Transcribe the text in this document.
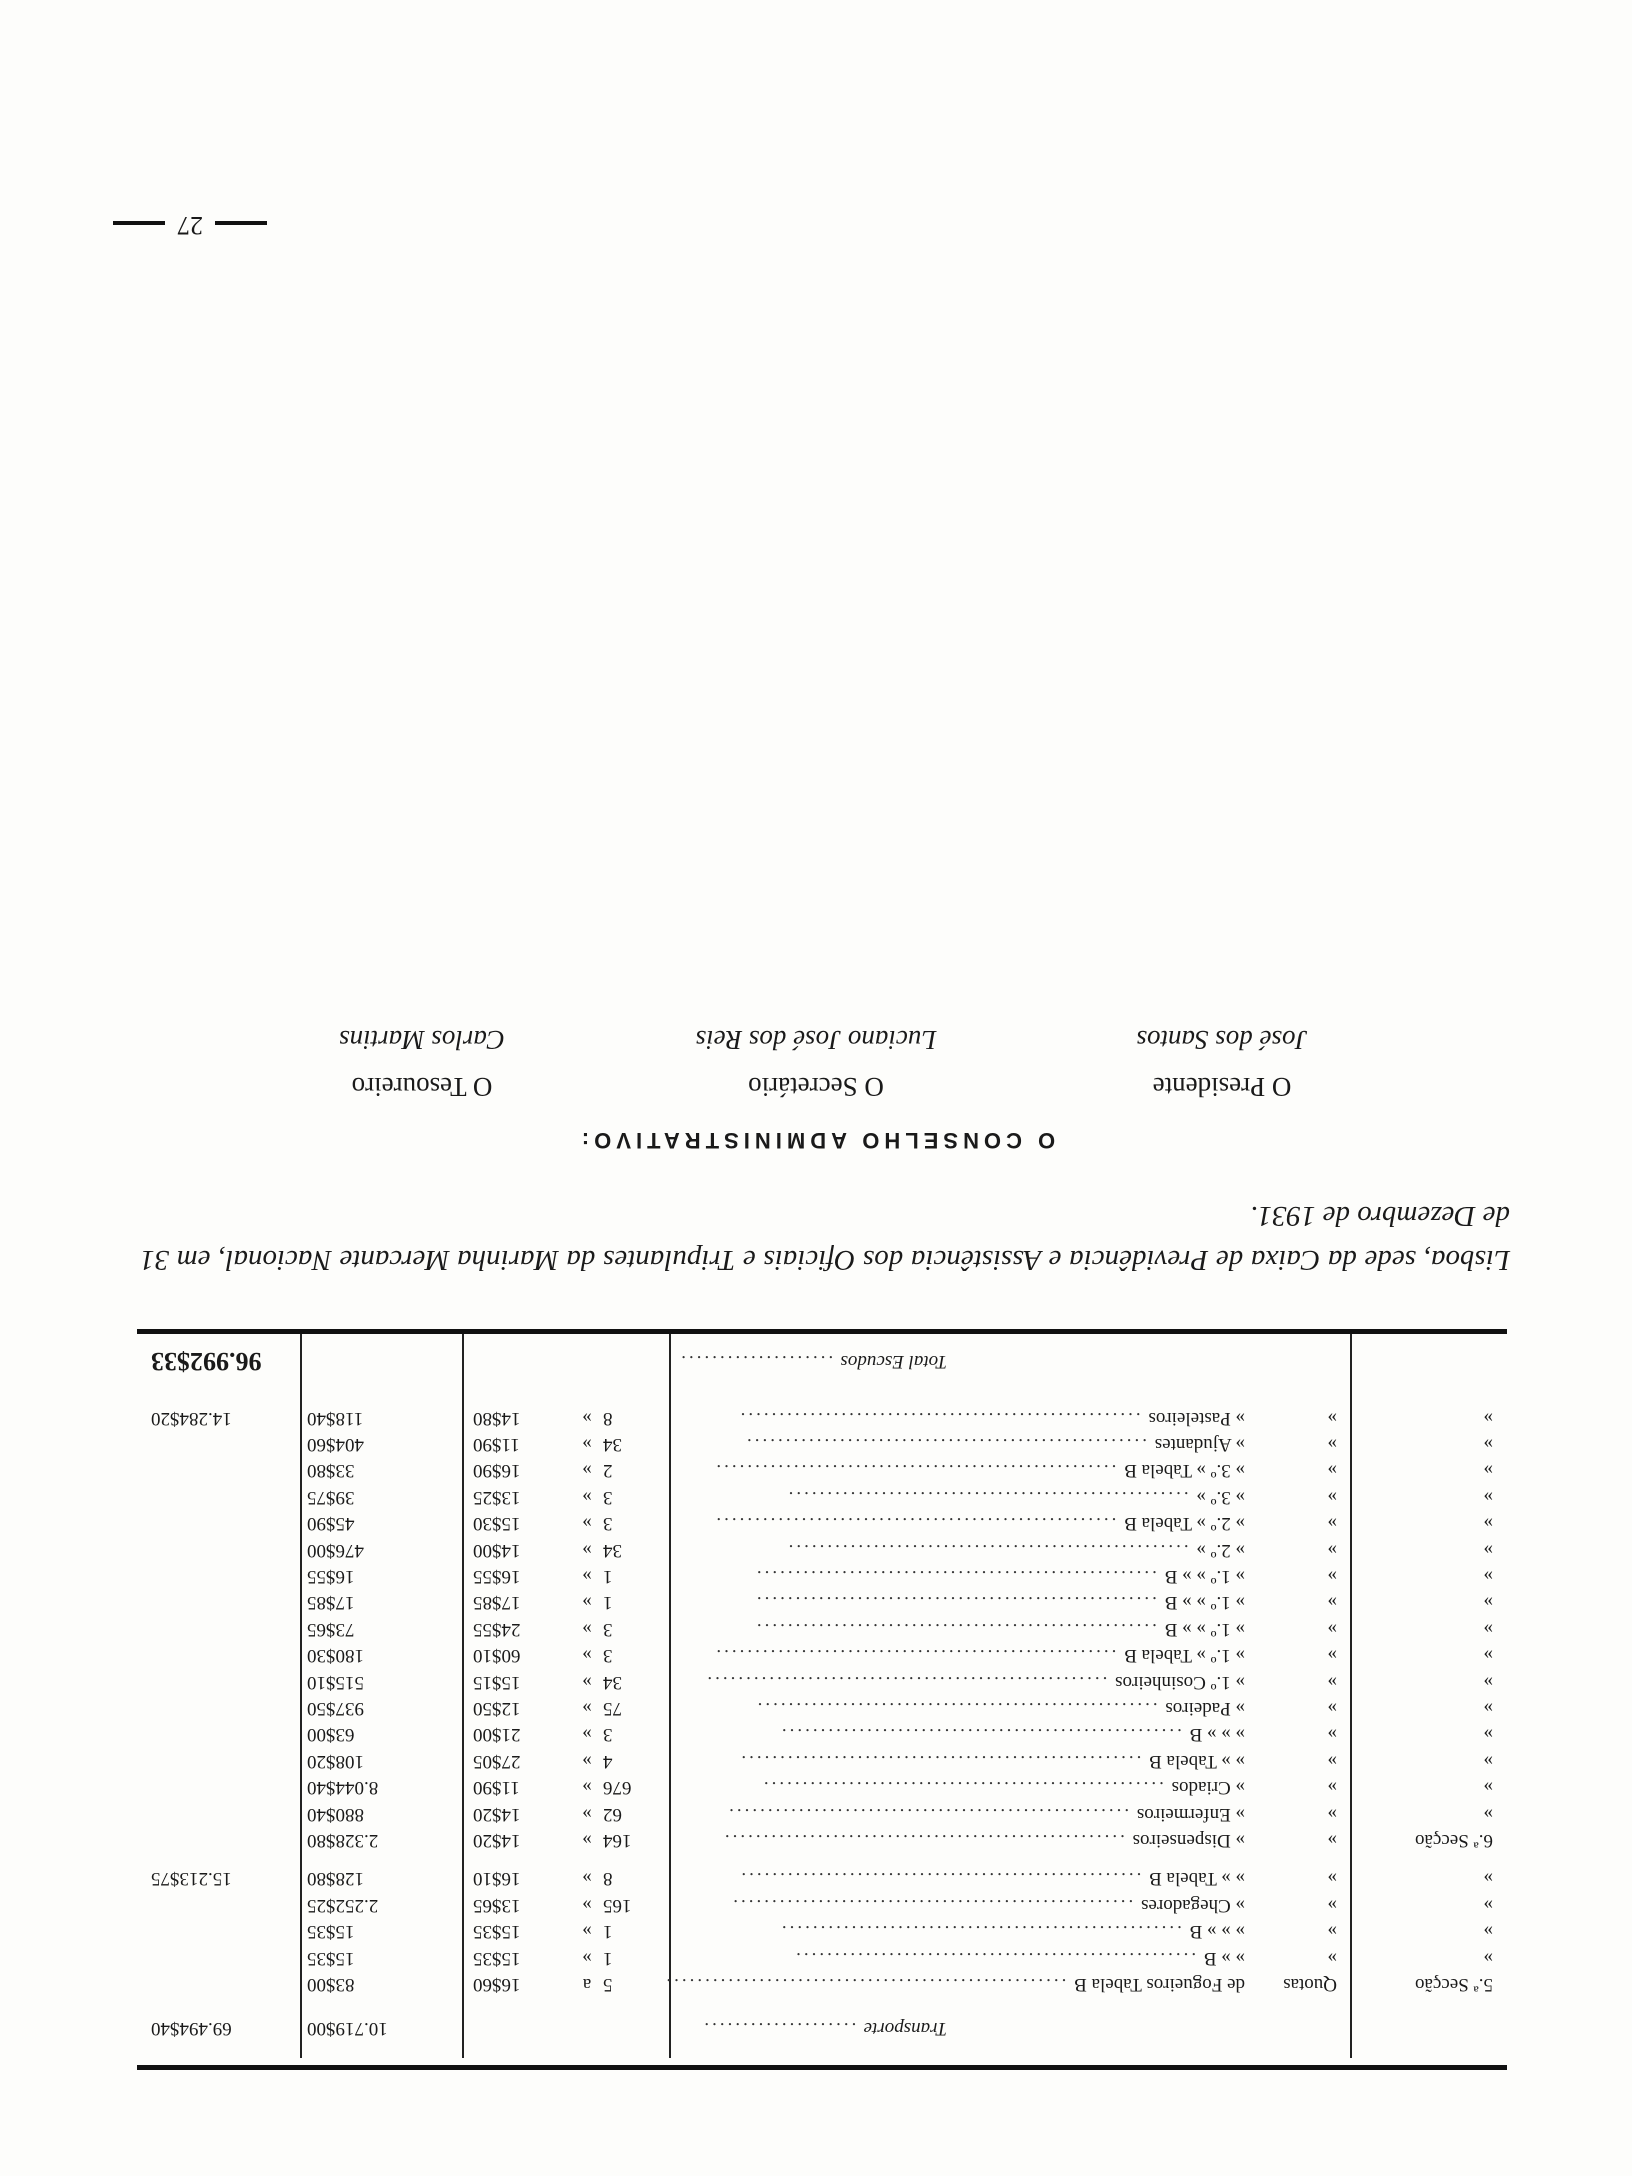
Transporte ....................
10.719$00
69.494$40
5.ª Secção
Quotas
de Fogueiros Tabela B ....................................................
5
a
16$60
83$00
»
»
» » B ....................................................
1
»
15$35
15$35
»
»
» » » B ....................................................
1
»
15$35
15$35
»
»
» Chegadores ....................................................
165
»
13$65
2.252$25
»
»
» » Tabela B ....................................................
8
»
16$10
128$80
15.213$75
6.ª Secção
»
» Dispenseiros ....................................................
164
»
14$20
2.328$80
»
»
» Enfermeiros ....................................................
62
»
14$20
880$40
»
»
» Criados ....................................................
676
»
11$90
8.044$40
»
»
» » Tabela B ....................................................
4
»
27$05
108$20
»
»
» » » B ....................................................
3
»
21$00
63$00
»
»
» Padeiros ....................................................
75
»
12$50
937$50
»
»
» 1.º Cosinheiros ....................................................
34
»
15$15
515$10
»
»
» 1.º » Tabela B ....................................................
3
»
60$10
180$30
»
»
» 1.º » » B ....................................................
3
»
24$55
73$65
»
»
» 1.º » » B ....................................................
1
»
17$85
17$85
»
»
» 1.º » » B ....................................................
1
»
16$55
16$55
»
»
» 2.º » ....................................................
34
»
14$00
476$00
»
»
» 2.º » Tabela B ....................................................
3
»
15$30
45$90
»
»
» 3.º » ....................................................
3
»
13$25
39$75
»
»
» 3.º » Tabela B ....................................................
2
»
16$90
33$80
»
»
» Ajudantes ....................................................
34
»
11$90
404$60
»
»
» Pasteleiros ....................................................
8
»
14$80
118$40
14.284$20
Total Escudos ....................
96.992$33
Lisboa, sede da Caixa de Previdência e Assistência dos Oficiais e Tripulantes da Marinha Mercante Nacional, em 31 de Dezembro de 1931.
O CONSELHO ADMINISTRATIVO:
O Presidente
José dos Santos
O Secretário
Luciano José dos Reis
O Tesoureiro
Carlos Martins
27
